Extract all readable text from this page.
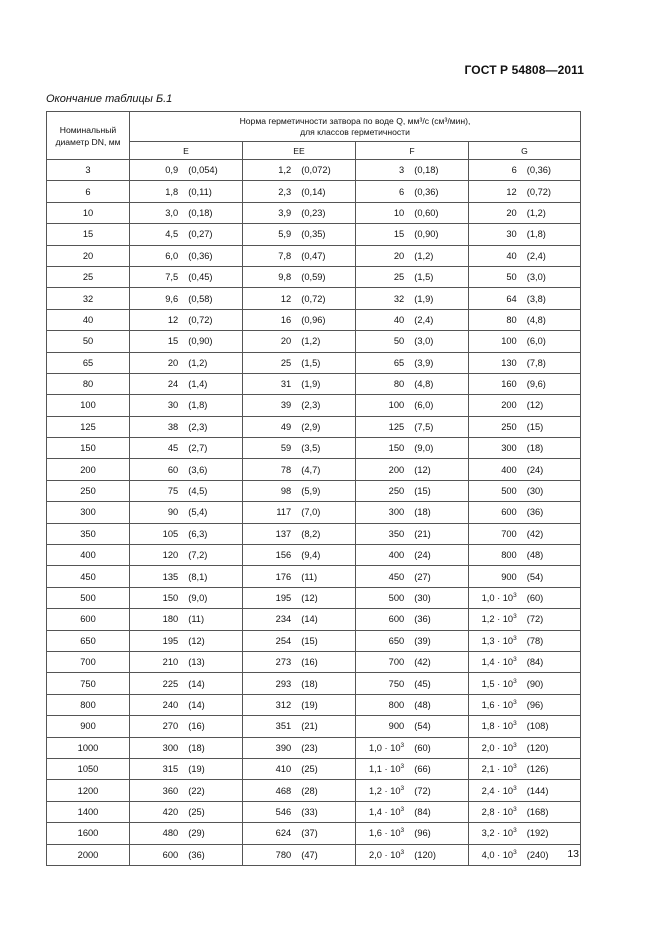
ГОСТ Р 54808—2011
Окончание таблицы Б.1
Номинальный
диаметр DN, мм	Норма герметичности затвора по воде Q, мм³/с (см³/мин),
для классов герметичности			
	E	EE	F	G
3	0,9 (0,054)	1,2 (0,072)	3 (0,18)	6 (0,36)

6	1,8 (0,11)	2,3 (0,14)	6 (0,36)	12 (0,72)

10	3,0 (0,18)	3,9 (0,23)	10 (0,60)	20 (1,2)

15	4,5 (0,27)	5,9 (0,35)	15 (0,90)	30 (1,8)

20	6,0 (0,36)	7,8 (0,47)	20 (1,2)	40 (2,4)

25	7,5 (0,45)	9,8 (0,59)	25 (1,5)	50 (3,0)

32	9,6 (0,58)	12 (0,72)	32 (1,9)	64 (3,8)

40	12 (0,72)	16 (0,96)	40 (2,4)	80 (4,8)

50	15 (0,90)	20 (1,2)	50 (3,0)	100 (6,0)

65	20 (1,2)	25 (1,5)	65 (3,9)	130 (7,8)

80	24 (1,4)	31 (1,9)	80 (4,8)	160 (9,6)

100	30 (1,8)	39 (2,3)	100 (6,0)	200 (12)

125	38 (2,3)	49 (2,9)	125 (7,5)	250 (15)

150	45 (2,7)	59 (3,5)	150 (9,0)	300 (18)

200	60 (3,6)	78 (4,7)	200 (12)	400 (24)

250	75 (4,5)	98 (5,9)	250 (15)	500 (30)

300	90 (5,4)	117 (7,0)	300 (18)	600 (36)

350	105 (6,3)	137 (8,2)	350 (21)	700 (42)

400	120 (7,2)	156 (9,4)	400 (24)	800 (48)

450	135 (8,1)	176 (11)	450 (27)	900 (54)

500	150 (9,0)	195 (12)	500 (30)	$1,0 \cdot 10^3$ (60)

600	180 (11)	234 (14)	600 (36)	$1,2 \cdot 10^3$ (72)

650	195 (12)	254 (15)	650 (39)	$1,3 \cdot 10^3$ (78)

700	210 (13)	273 (16)	700 (42)	$1,4 \cdot 10^3$ (84)

750	225 (14)	293 (18)	750 (45)	$1,5 \cdot 10^3$ (90)

800	240 (14)	312 (19)	800 (48)	$1,6 \cdot 10^3$ (96)

900	270 (16)	351 (21)	900 (54)	$1,8 \cdot 10^3$ (108)

1000	300 (18)	390 (23)	$1,0 \cdot 10^3$ (60)	$2,0 \cdot 10^3$ (120)

1050	315 (19)	410 (25)	$1,1 \cdot 10^3$ (66)	$2,1 \cdot 10^3$ (126)

1200	360 (22)	468 (28)	$1,2 \cdot 10^3$ (72)	$2,4 \cdot 10^3$ (144)

1400	420 (25)	546 (33)	$1,4 \cdot 10^3$ (84)	$2,8 \cdot 10^3$ (168)

1600	480 (29)	624 (37)	$1,6 \cdot 10^3$ (96)	$3,2 \cdot 10^3$ (192)

2000	600 (36)	780 (47)	$2,0 \cdot 10^3$ (120)	$4,0 \cdot 10^3$ (240) 13
